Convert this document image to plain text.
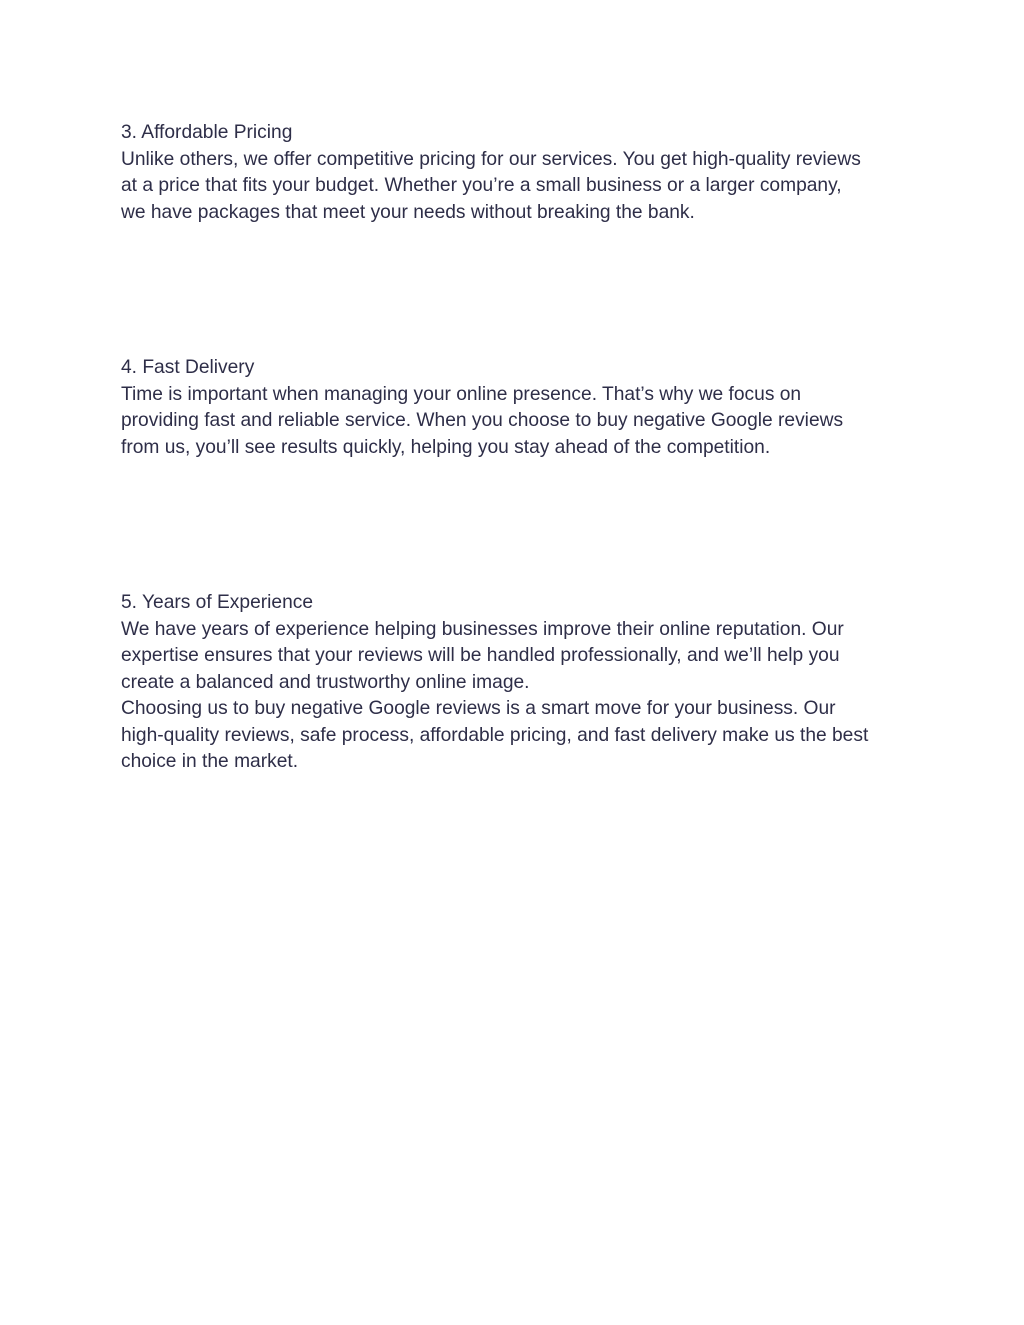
3. Affordable Pricing

Unlike others, we offer competitive pricing for our services. You get high-quality reviews
at a price that fits your budget. Whether you’re a small business or a larger company,
we have packages that meet your needs without breaking the bank.

4. Fast Delivery

Time is important when managing your online presence. That’s why we focus on
providing fast and reliable service. When you choose to buy negative Google reviews
from us, you’ll see results quickly, helping you stay ahead of the competition.

5. Years of Experience

We have years of experience helping businesses improve their online reputation. Our
expertise ensures that your reviews will be handled professionally, and we’ll help you
create a balanced and trustworthy online image.

Choosing us to buy negative Google reviews is a smart move for your business. Our
high-quality reviews, safe process, affordable pricing, and fast delivery make us the best
choice in the market.
